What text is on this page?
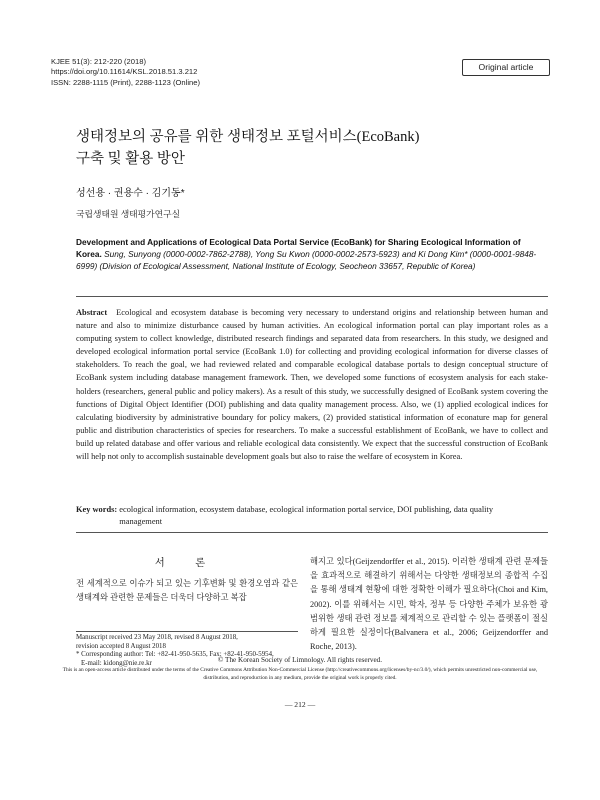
KJEE 51(3): 212-220 (2018)
https://doi.org/10.11614/KSL.2018.51.3.212
ISSN: 2288-1115 (Print), 2288-1123 (Online)
Original article
생태정보의 공유를 위한 생태정보 포털서비스(EcoBank)
구축 및 활용 방안
성선용 · 권용수 · 김기동*
국립생태원 생태평가연구실
Development and Applications of Ecological Data Portal Service (EcoBank) for Sharing Ecological Information of Korea. Sung, Sunyong (0000-0002-7862-2788), Yong Su Kwon (0000-0002-2573-5923) and Ki Dong Kim* (0000-0001-9848-6999) (Division of Ecological Assessment, National Institute of Ecology, Seocheon 33657, Republic of Korea)
Abstract Ecological and ecosystem database is becoming very necessary to understand origins and relationship between human and nature and also to minimize disturbance caused by human activities. An ecological information portal can play important roles as a computing system to collect knowledge, distributed research findings and separated data from researchers. In this study, we designed and developed ecological information portal service (EcoBank 1.0) for collecting and providing ecological information for diverse classes of stakeholders. To reach the goal, we had reviewed related and comparable ecological database portals to design conceptual structure of EcoBank system including database management framework. Then, we developed some functions of ecosystem analysis for each stake-holders (researchers, general public and policy makers). As a result of this study, we successfully designed of EcoBank system covering the functions of Digital Object Identifier (DOI) publishing and data quality management process. Also, we (1) applied ecological indices for calculating biodiversity by administrative boundary for policy makers, (2) provided statistical information of econature map for general public and distribution characteristics of species for researchers. To make a successful establishment of EcoBank, we have to collect and build up related database and offer various and reliable ecological data consistently. We expect that the successful construction of EcoBank will help not only to accomplish sustainable development goals but also to raise the welfare of ecosystem in Korea.
Key words: ecological information, ecosystem database, ecological information portal service, DOI publishing, data quality management
서 론
전 세계적으로 이슈가 되고 있는 기후변화 및 환경오염과 같은 생태계와 관련한 문제들은 더욱더 다양하고 복잡
해지고 있다(Geijzendorffer et al., 2015). 이러한 생태계 관련 문제들을 효과적으로 해결하기 위해서는 다양한 생태정보의 종합적 수집을 통해 생태계 현황에 대한 정확한 이해가 필요하다(Choi and Kim, 2002). 이를 위해서는 시민, 학자, 정부 등 다양한 주체가 보유한 광범위한 생태 관련 정보를 체계적으로 관리할 수 있는 플랫폼이 절실하게 필요한 실정이다(Balvanera et al., 2006; Geijzendorffer and Roche, 2013).
Manuscript received 23 May 2018, revised 8 August 2018,
revision accepted 8 August 2018
* Corresponding author: Tel: +82-41-950-5635, Fax: +82-41-950-5954,
E-mail: kidong@nie.re.kr	© The Korean Society of Limnology. All rights reserved.
This is an open-access article distributed under the terms of the Creative Commons Attribution Non-Commercial License (http://creativecommons.org/licenses/by-nc/3.0/), which permits unrestricted non-commercial use, distribution, and reproduction in any medium, provide the original work is properly cited.
— 212 —
